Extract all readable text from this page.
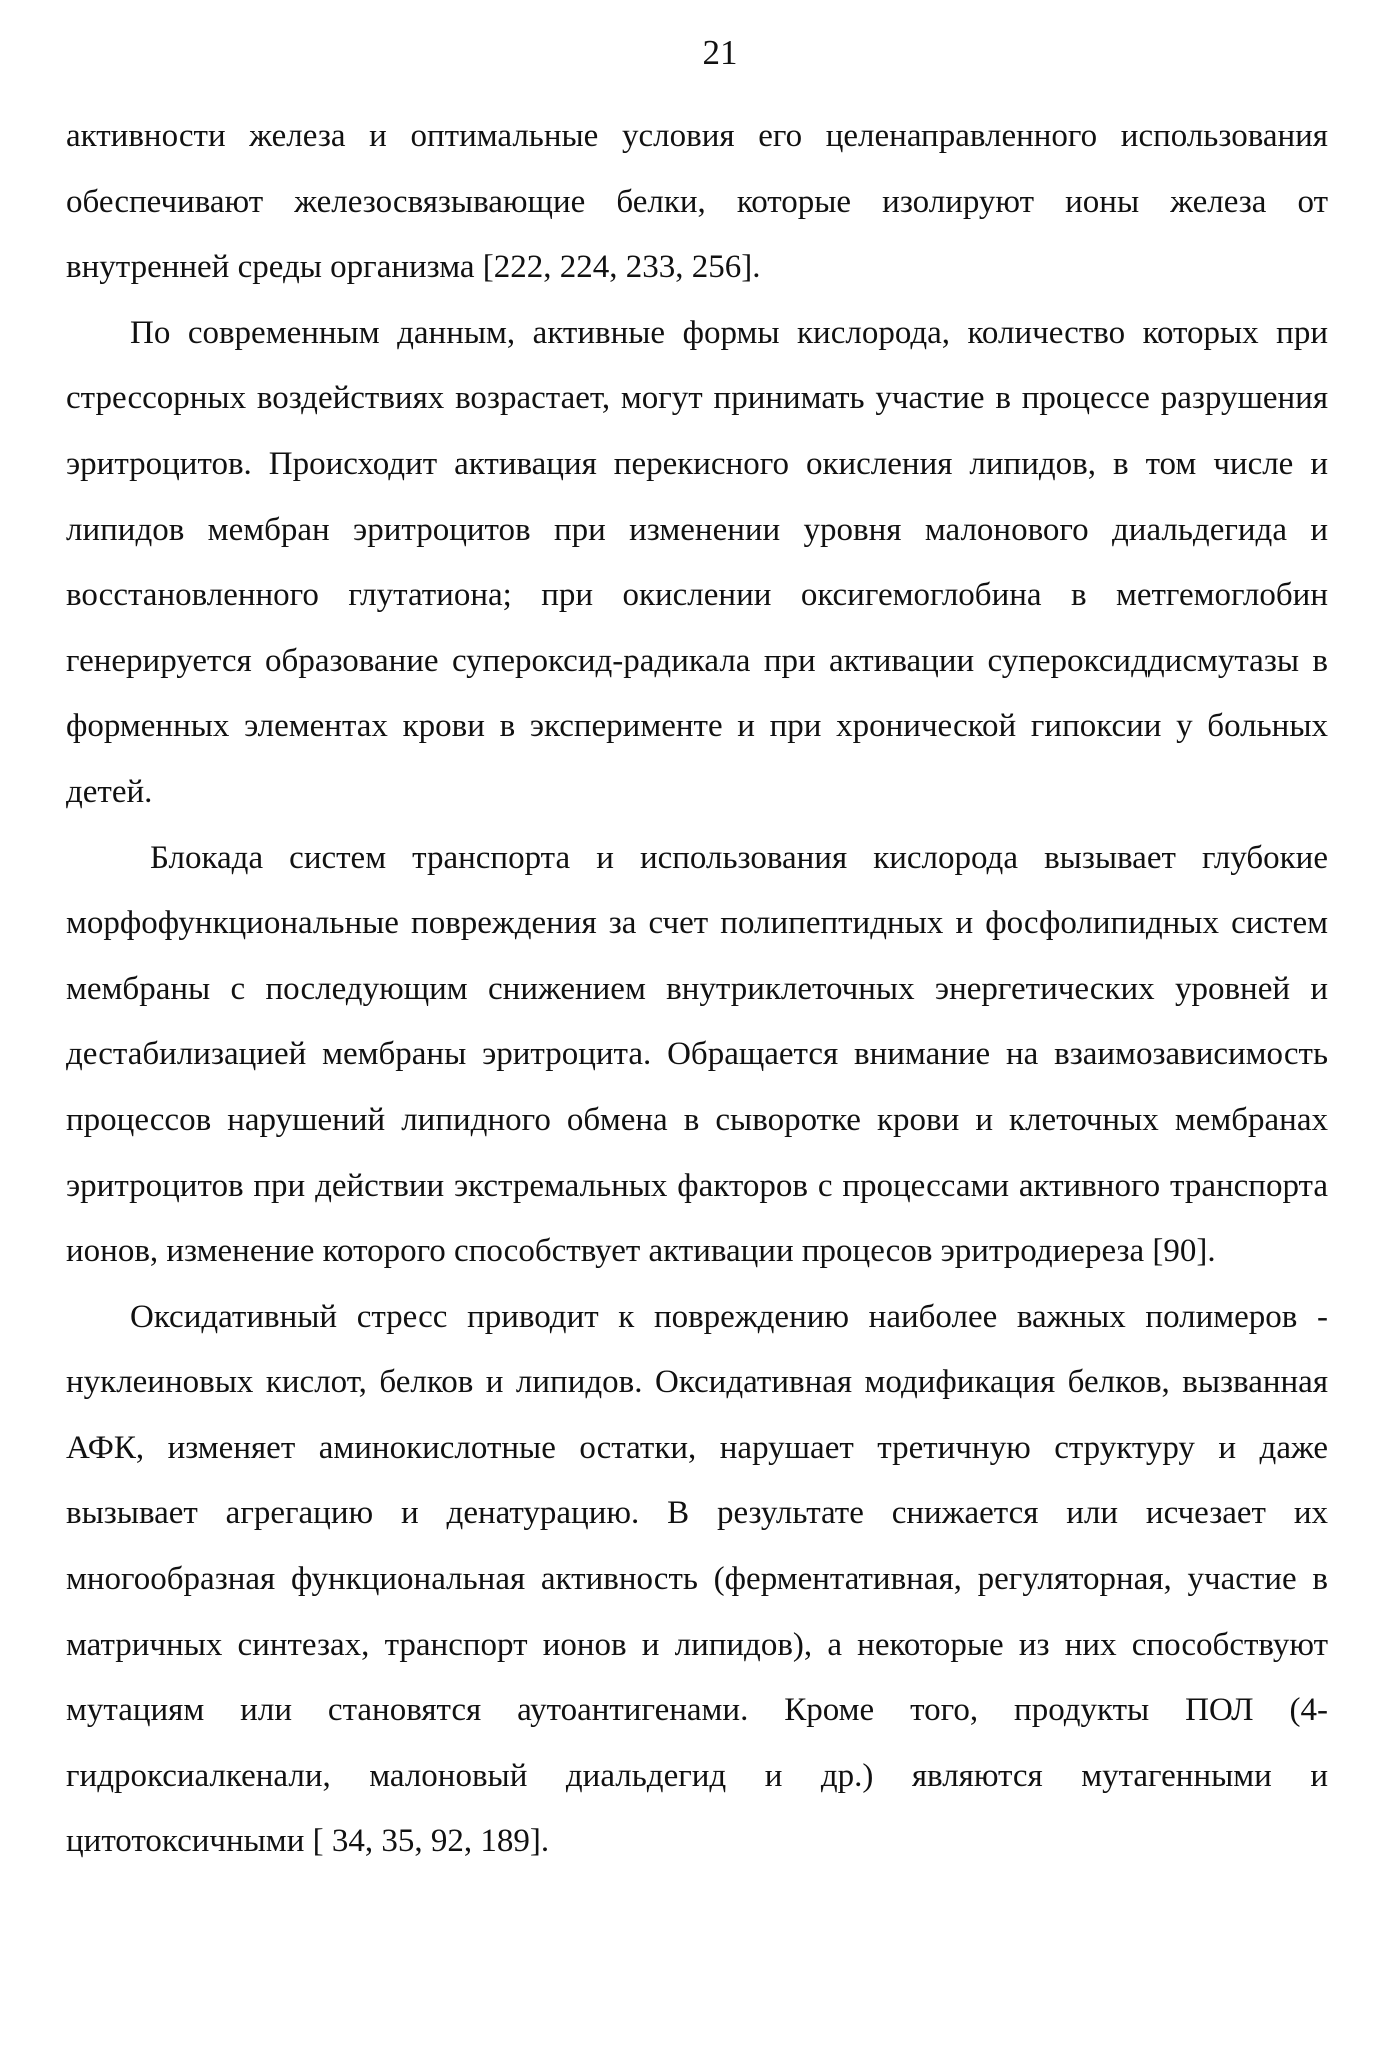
21

активности железа и оптимальные условия его целенаправленного использования обеспечивают железосвязывающие белки, которые изолируют ионы железа от внутренней среды организма [222, 224, 233, 256].

По современным данным, активные формы кислорода, количество которых при стрессорных воздействиях возрастает, могут принимать участие в процессе разрушения эритроцитов. Происходит активация перекисного окисления липидов, в том числе и липидов мембран эритроцитов при изменении уровня малонового диальдегида и восстановленного глутатиона; при окислении оксигемоглобина в метгемоглобин генерируется образование супероксид-радикала при активации супероксиддисмутазы в форменных элементах крови в эксперименте и при хронической гипоксии у больных детей.

Блокада систем транспорта и использования кислорода вызывает глубокие морфофункциональные повреждения за счет полипептидных и фосфолипидных систем мембраны с последующим снижением внутриклеточных энергетических уровней и дестабилизацией мембраны эритроцита. Обращается внимание на взаимозависимость процессов нарушений липидного обмена в сыворотке крови и клеточных мембранах эритроцитов при действии экстремальных факторов с процессами активного транспорта ионов, изменение которого способствует активации процесов эритродиереза [90].

Оксидативный стресс приводит к повреждению наиболее важных полимеров - нуклеиновых кислот, белков и липидов. Оксидативная модификация белков, вызванная АФК, изменяет аминокислотные остатки, нарушает третичную структуру и даже вызывает агрегацию и денатурацию. В результате снижается или исчезает их многообразная функциональная активность (ферментативная, регуляторная, участие в матричных синтезах, транспорт ионов и липидов), а некоторые из них способствуют мутациям или становятся аутоантигенами. Кроме того, продукты ПОЛ (4-гидроксиалкенали, малоновый диальдегид и др.) являются мутагенными и цитотоксичными [ 34, 35, 92, 189].
